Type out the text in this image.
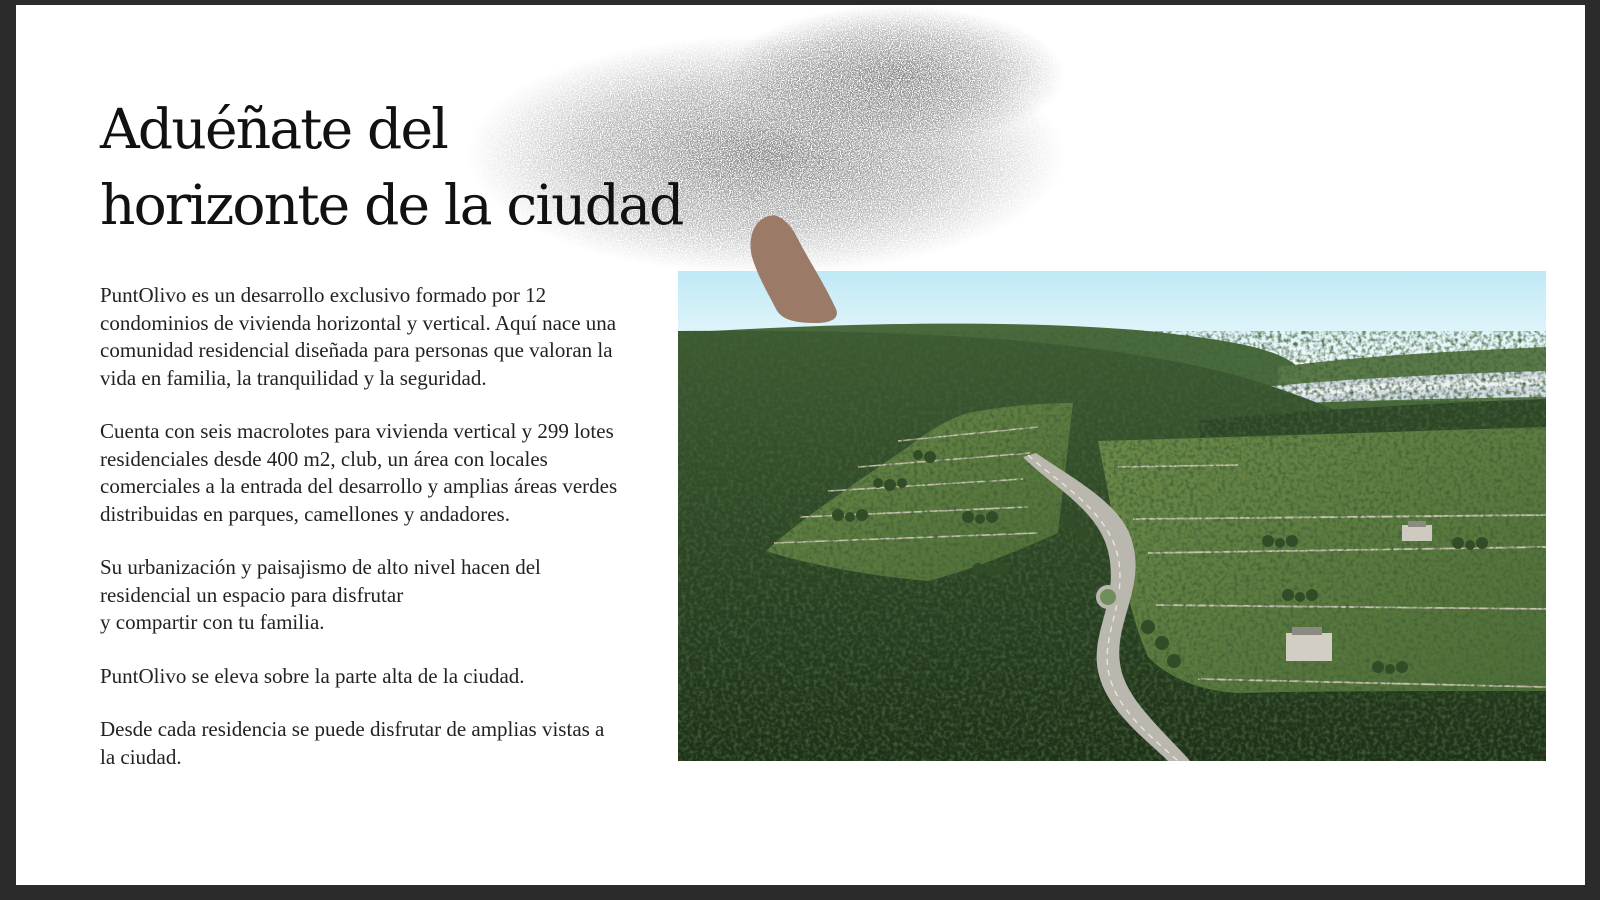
Aduéñate del
horizonte de la ciudad

PuntOlivo es un desarrollo exclusivo formado por 12
condominios de vivienda horizontal y vertical. Aquí nace una
comunidad residencial diseñada para personas que valoran la
vida en familia, la tranquilidad y la seguridad.

Cuenta con seis macrolotes para vivienda vertical y 299 lotes
residenciales desde 400 m2, club, un área con locales
comerciales a la entrada del desarrollo y amplias áreas verdes
distribuidas en parques, camellones y andadores.

Su urbanización y paisajismo de alto nivel hacen del
residencial un espacio para disfrutar
y compartir con tu familia.

PuntOlivo se eleva sobre la parte alta de la ciudad.

Desde cada residencia se puede disfrutar de amplias vistas a
la ciudad.
